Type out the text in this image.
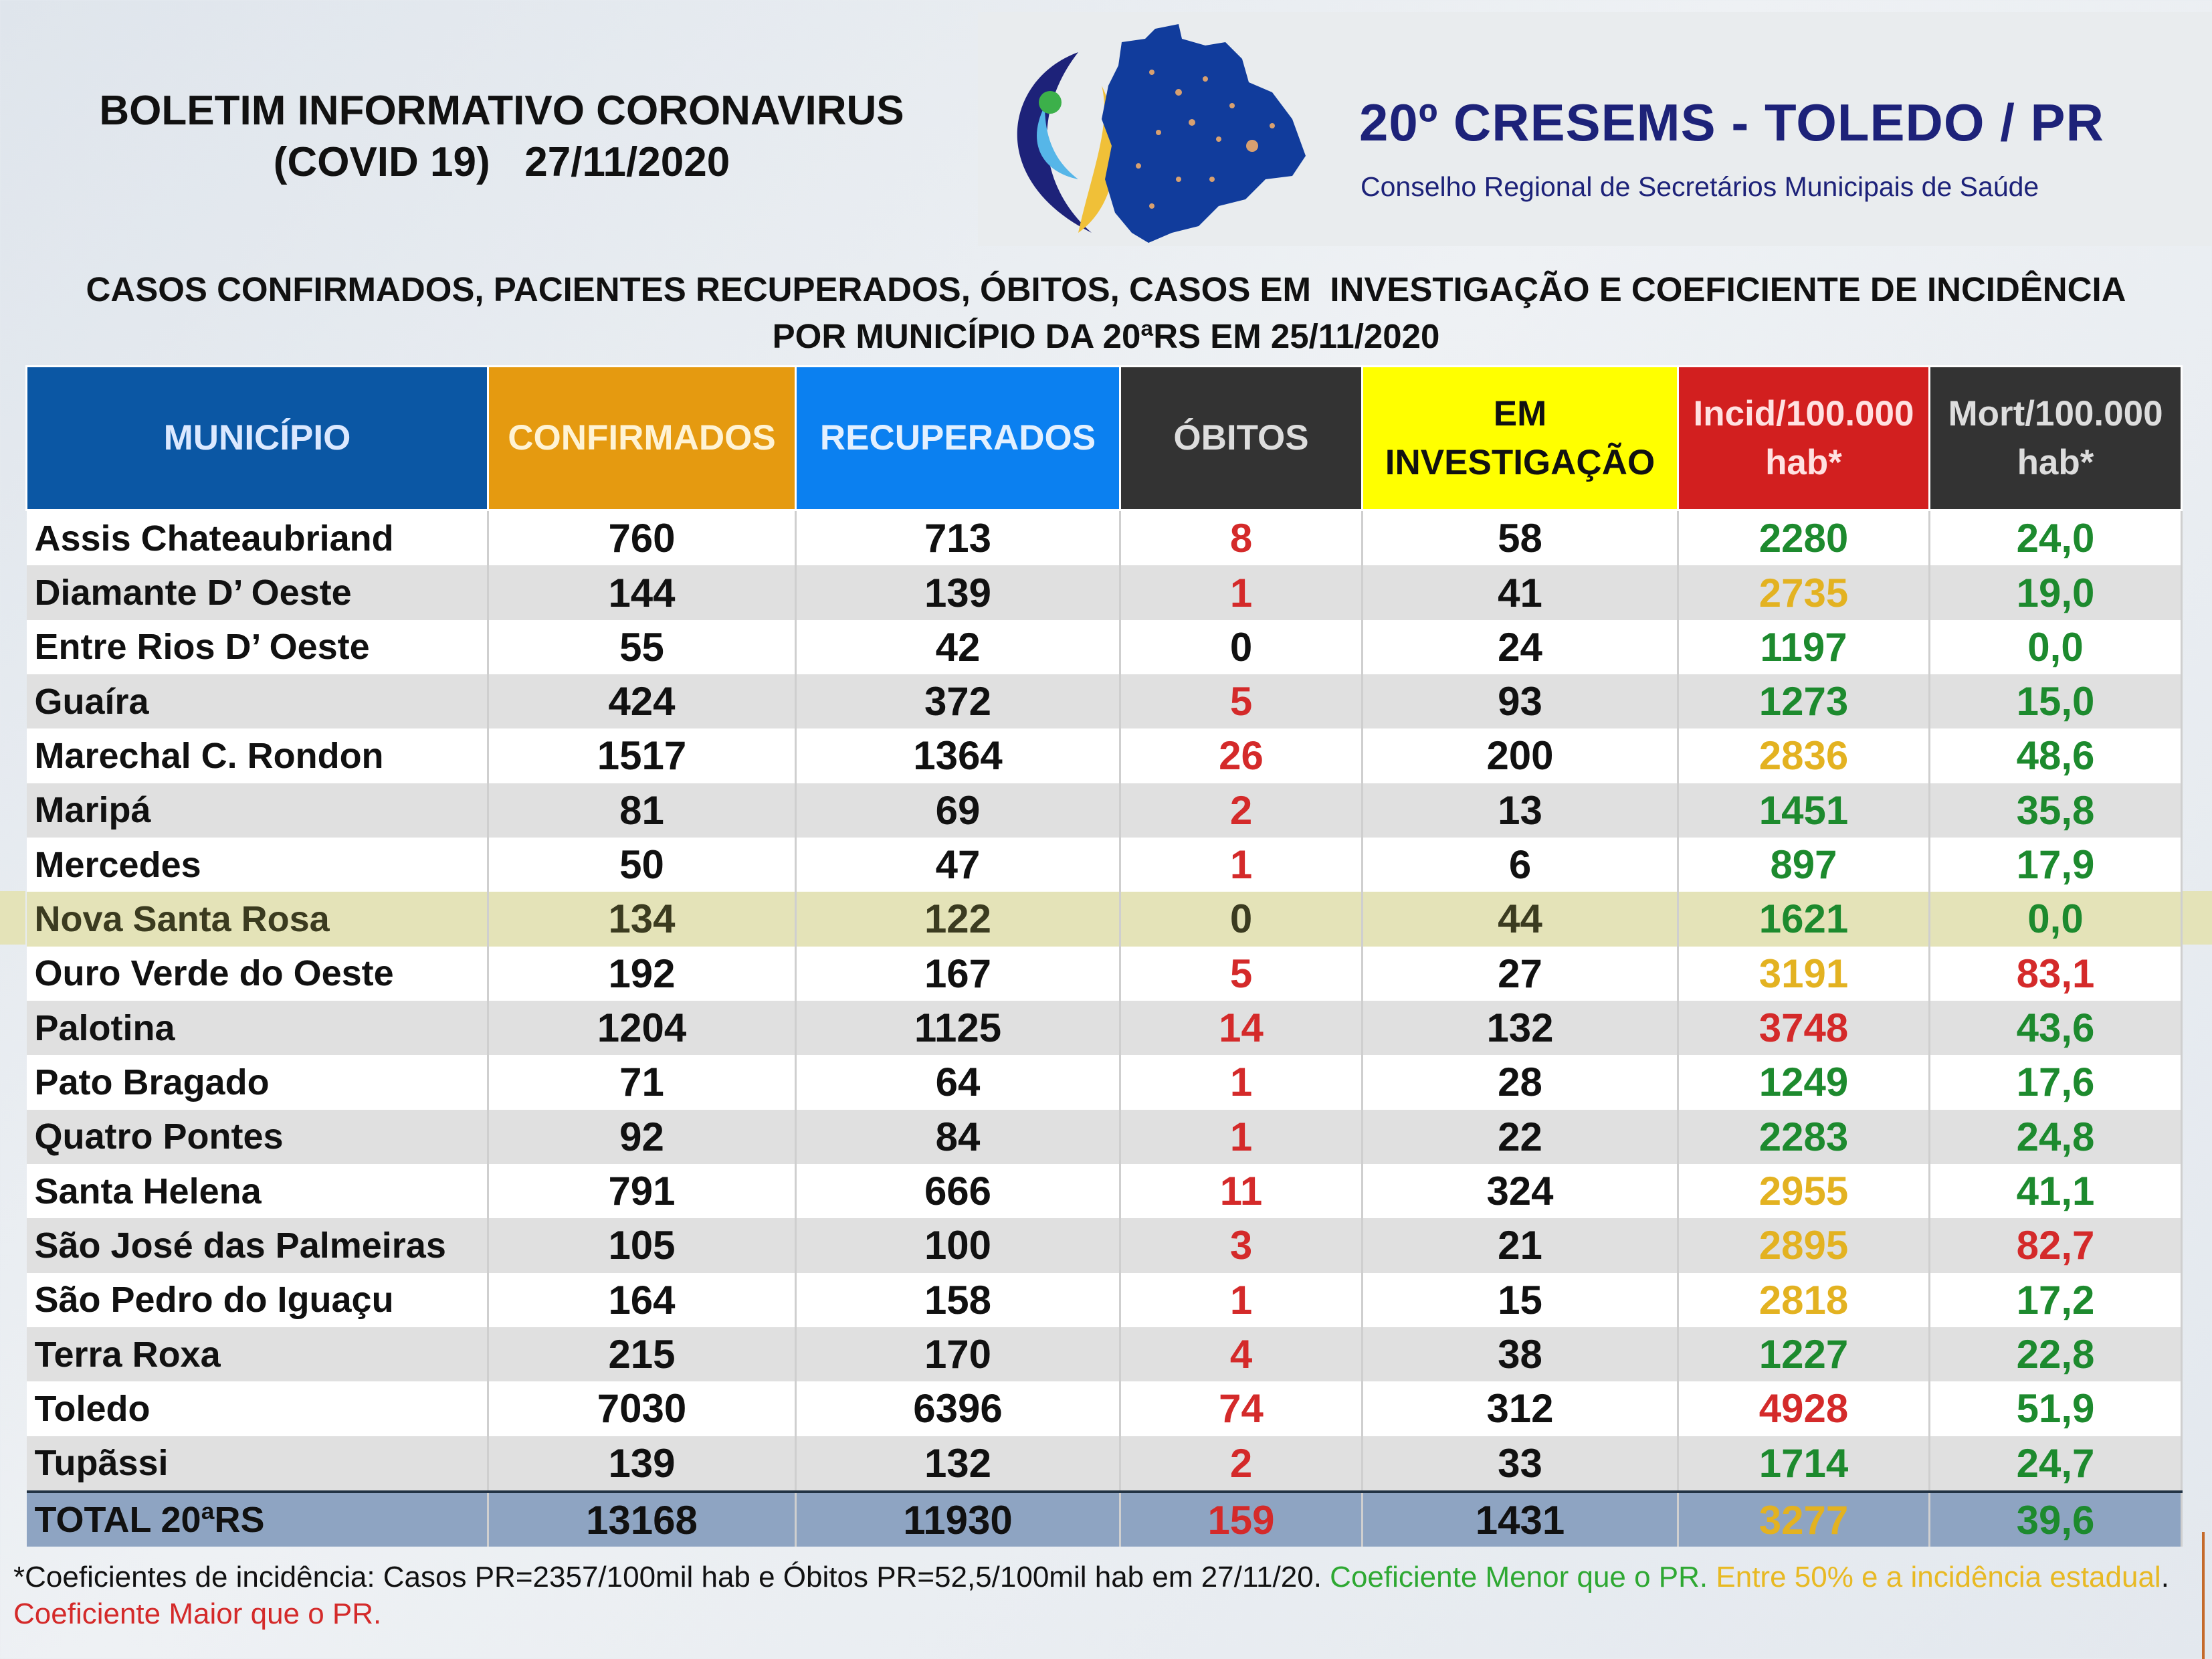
BOLETIM INFORMATIVO CORONAVIRUS
(COVID 19)   27/11/2020
20º CRESEMS - TOLEDO / PR
Conselho Regional de Secretários Municipais de Saúde
CASOS CONFIRMADOS, PACIENTES RECUPERADOS, ÓBITOS, CASOS EM  INVESTIGAÇÃO E COEFICIENTE DE INCIDÊNCIA
POR MUNICÍPIO DA 20ªRS EM 25/11/2020
MUNICÍPIO	CONFIRMADOS	RECUPERADOS	ÓBITOS	EM INVESTIGAÇÃO	Incid/100.000 hab*	Mort/100.000 hab*
Assis Chateaubriand	760	713	8	58	2280	24,0
Diamante D’ Oeste	144	139	1	41	2735	19,0
Entre Rios D’ Oeste	55	42	0	24	1197	0,0
Guaíra	424	372	5	93	1273	15,0
Marechal C. Rondon	1517	1364	26	200	2836	48,6
Maripá	81	69	2	13	1451	35,8
Mercedes	50	47	1	6	897	17,9
Nova Santa Rosa	134	122	0	44	1621	0,0
Ouro Verde do Oeste	192	167	5	27	3191	83,1
Palotina	1204	1125	14	132	3748	43,6
Pato Bragado	71	64	1	28	1249	17,6
Quatro Pontes	92	84	1	22	2283	24,8
Santa Helena	791	666	11	324	2955	41,1
São José das Palmeiras	105	100	3	21	2895	82,7
São Pedro do Iguaçu	164	158	1	15	2818	17,2
Terra Roxa	215	170	4	38	1227	22,8
Toledo	7030	6396	74	312	4928	51,9
Tupãssi	139	132	2	33	1714	24,7
TOTAL 20ªRS	13168	11930	159	1431	3277	39,6
*Coeficientes de incidência: Casos PR=2357/100mil hab e Óbitos PR=52,5/100mil hab em 27/11/20. Coeficiente Menor que o PR. Entre 50% e a incidência estadual. Coeficiente Maior que o PR.
